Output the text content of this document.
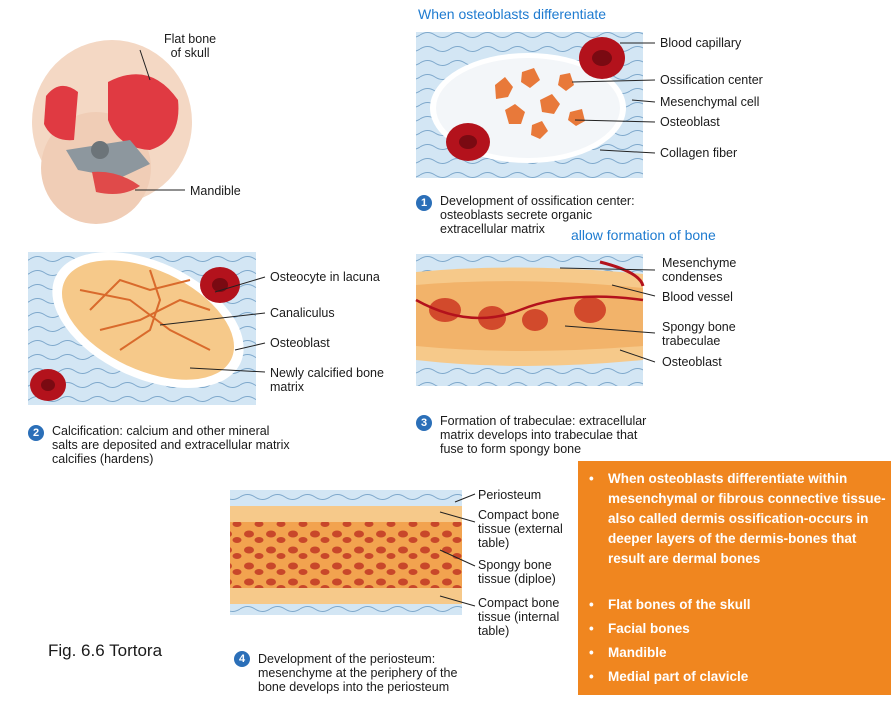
When osteoblasts differentiate
Flat bone
of skull
Mandible
Blood capillary
Ossification center
Mesenchymal cell
Osteoblast
Collagen fiber
1	Development of ossification center:
osteoblasts secrete organic
extracellular matrix	allow formation of bone
Osteocyte in lacuna
Canaliculus
Osteoblast
Newly calcified bone
matrix
2	Calcification: calcium and other mineral
salts are deposited and extracellular matrix
calcifies (hardens)
Mesenchyme
condenses
Blood vessel
Spongy bone
trabeculae
Osteoblast
3	Formation of trabeculae: extracellular
matrix develops into trabeculae that
fuse to form spongy bone
Periosteum
Compact bone
tissue (external
table)
Spongy bone
tissue (diploe)
Compact bone
tissue (internal
table)
4	Development of the periosteum:
mesenchyme at the periphery of the
bone develops into the periosteum
Fig. 6.6 Tortora
• When osteoblasts differentiate within mesenchymal or fibrous connective tissue-also called dermis ossification-occurs in deeper layers of the dermis-bones that result are dermal bones
• Flat bones of the skull
• Facial bones
• Mandible
• Medial part of clavicle
